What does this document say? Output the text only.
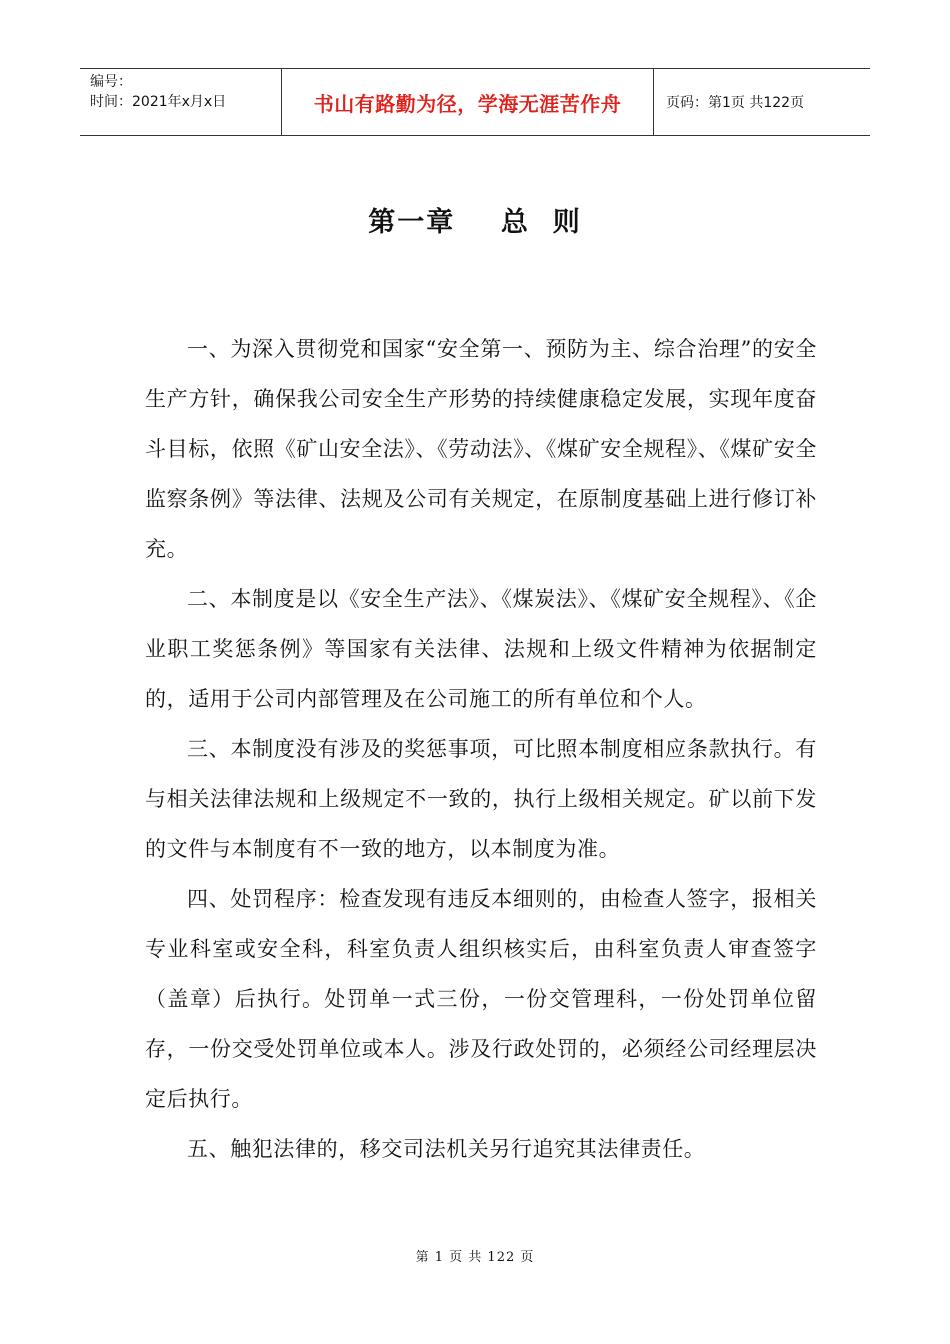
编号：
时间：2021年x月x日	书山有路勤为径，学海无涯苦作舟	页码：第1页 共122页
第一章    总  则

一、为深入贯彻党和国家“安全第一、预防为主、综合治理”的安全生产方针，确保我公司安全生产形势的持续健康稳定发展，实现年度奋斗目标，依照《矿山安全法》、《劳动法》、《煤矿安全规程》、《煤矿安全监察条例》等法律、法规及公司有关规定，在原制度基础上进行修订补充。

二、本制度是以《安全生产法》、《煤炭法》、《煤矿安全规程》、《企业职工奖惩条例》等国家有关法律、法规和上级文件精神为依据制定的，适用于公司内部管理及在公司施工的所有单位和个人。

三、本制度没有涉及的奖惩事项，可比照本制度相应条款执行。有与相关法律法规和上级规定不一致的，执行上级相关规定。矿以前下发的文件与本制度有不一致的地方，以本制度为准。

四、处罚程序：检查发现有违反本细则的，由检查人签字，报相关专业科室或安全科，科室负责人组织核实后，由科室负责人审查签字（盖章）后执行。处罚单一式三份，一份交管理科，一份处罚单位留存，一份交受处罚单位或本人。涉及行政处罚的，必须经公司经理层决定后执行。

五、触犯法律的，移交司法机关另行追究其法律责任。

第 1 页 共 122 页
